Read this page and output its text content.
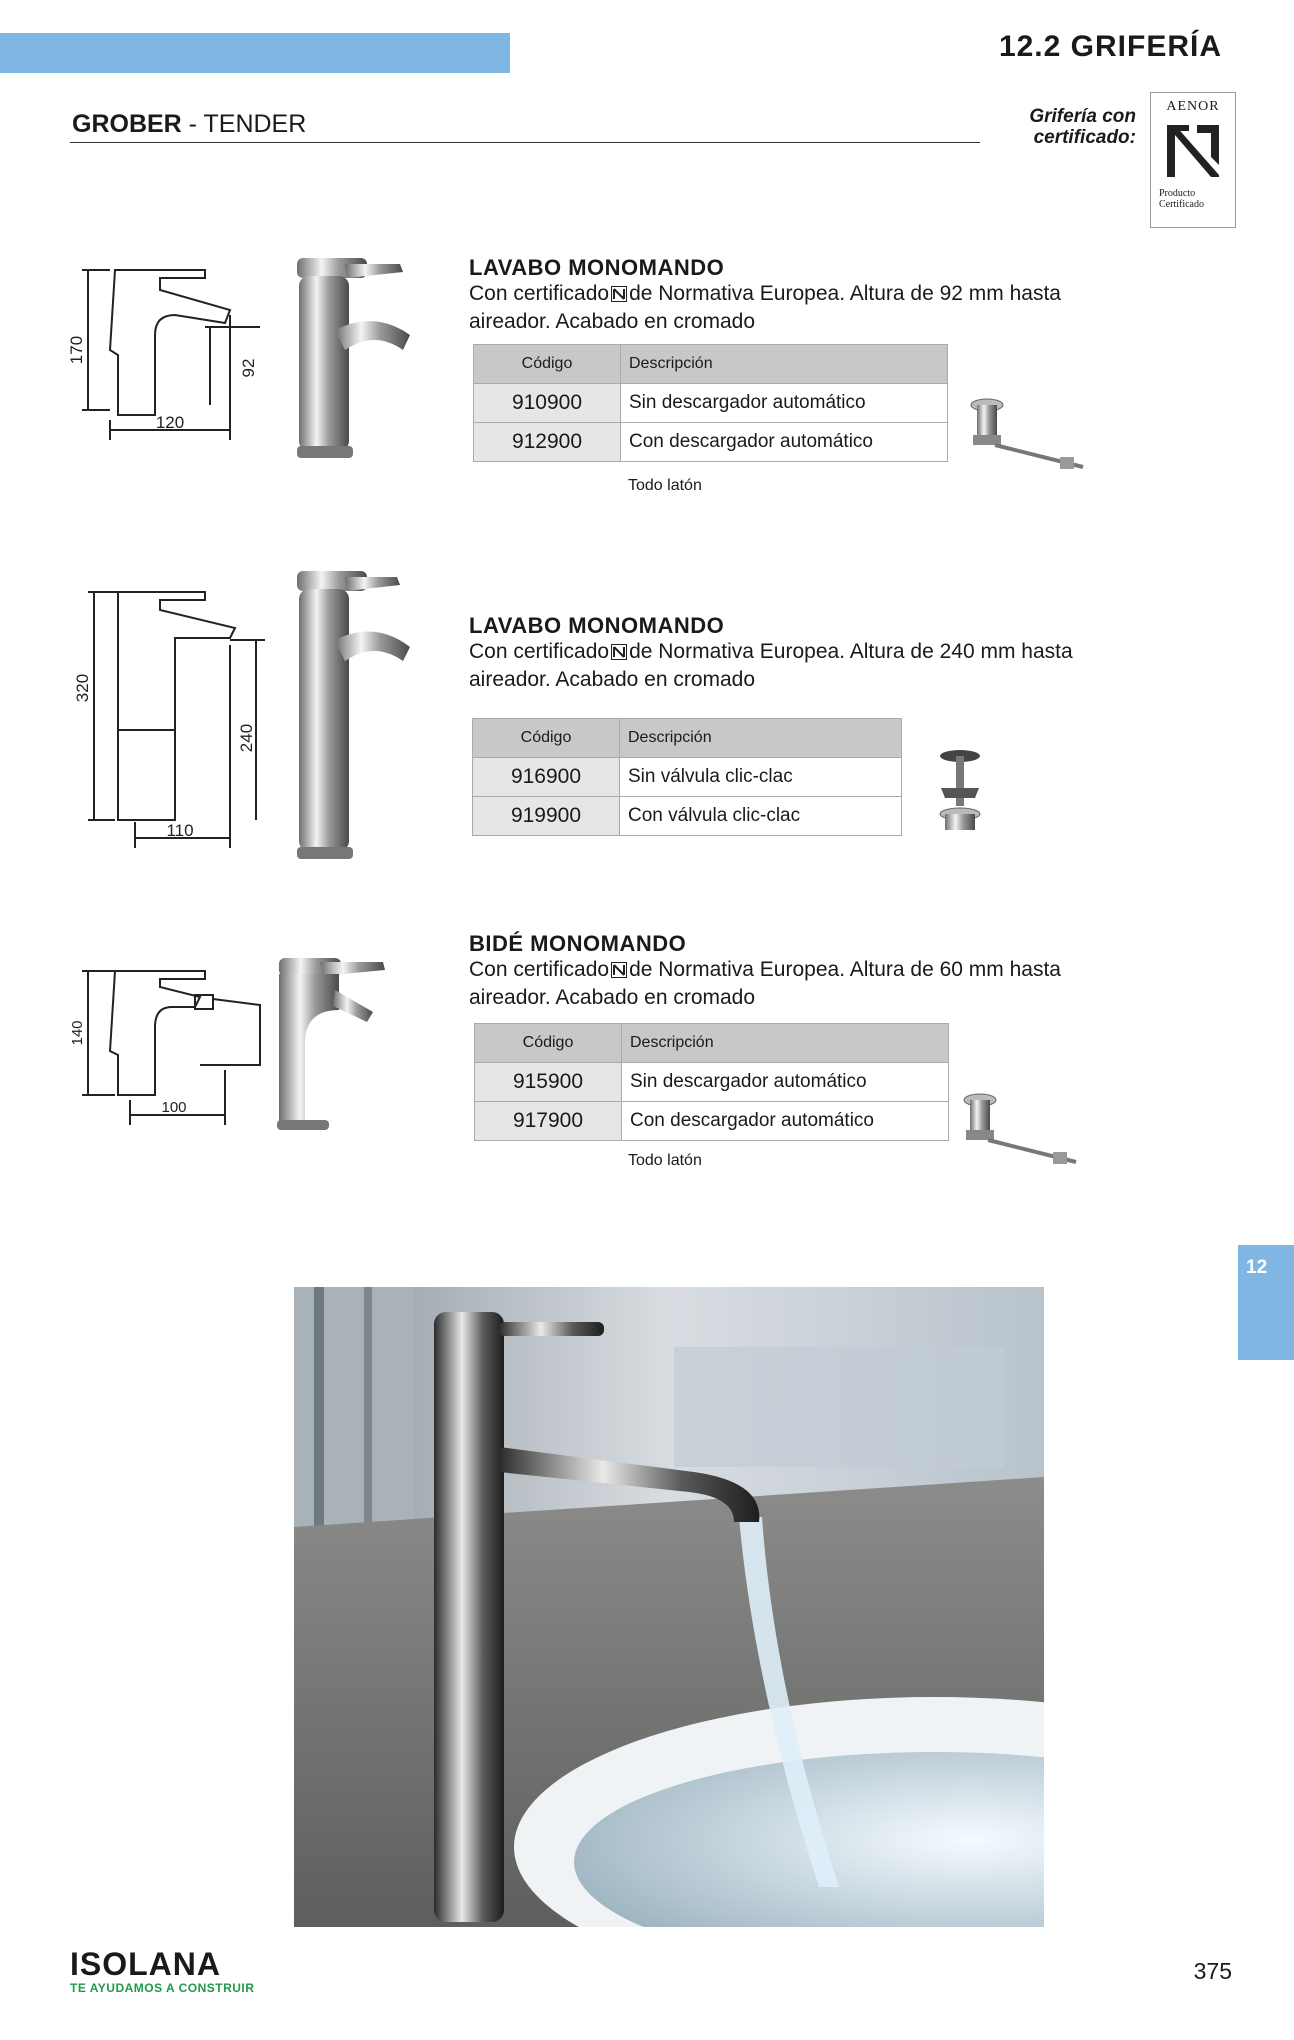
12.2 GRIFERÍA
GROBER - TENDER	Grifería con
certificado:
AENOR
Producto
Certificado
170
92
120
LAVABO MONOMANDO
Con certificado de Normativa Europea. Altura de 92 mm hasta aireador. Acabado en cromado
Código	Descripción
910900	Sin descargador automático
912900	Con descargador automático
Todo latón
320
240
110
LAVABO MONOMANDO
Con certificado de Normativa Europea. Altura de 240 mm hasta aireador. Acabado en cromado
Código	Descripción
916900	Sin válvula clic-clac
919900	Con válvula clic-clac
140
100
BIDÉ MONOMANDO
Con certificado de Normativa Europea. Altura de 60 mm hasta aireador. Acabado en cromado
Código	Descripción
915900	Sin descargador automático
917900	Con descargador automático
Todo latón
12
ISOLANA
TE AYUDAMOS A CONSTRUIR
375
